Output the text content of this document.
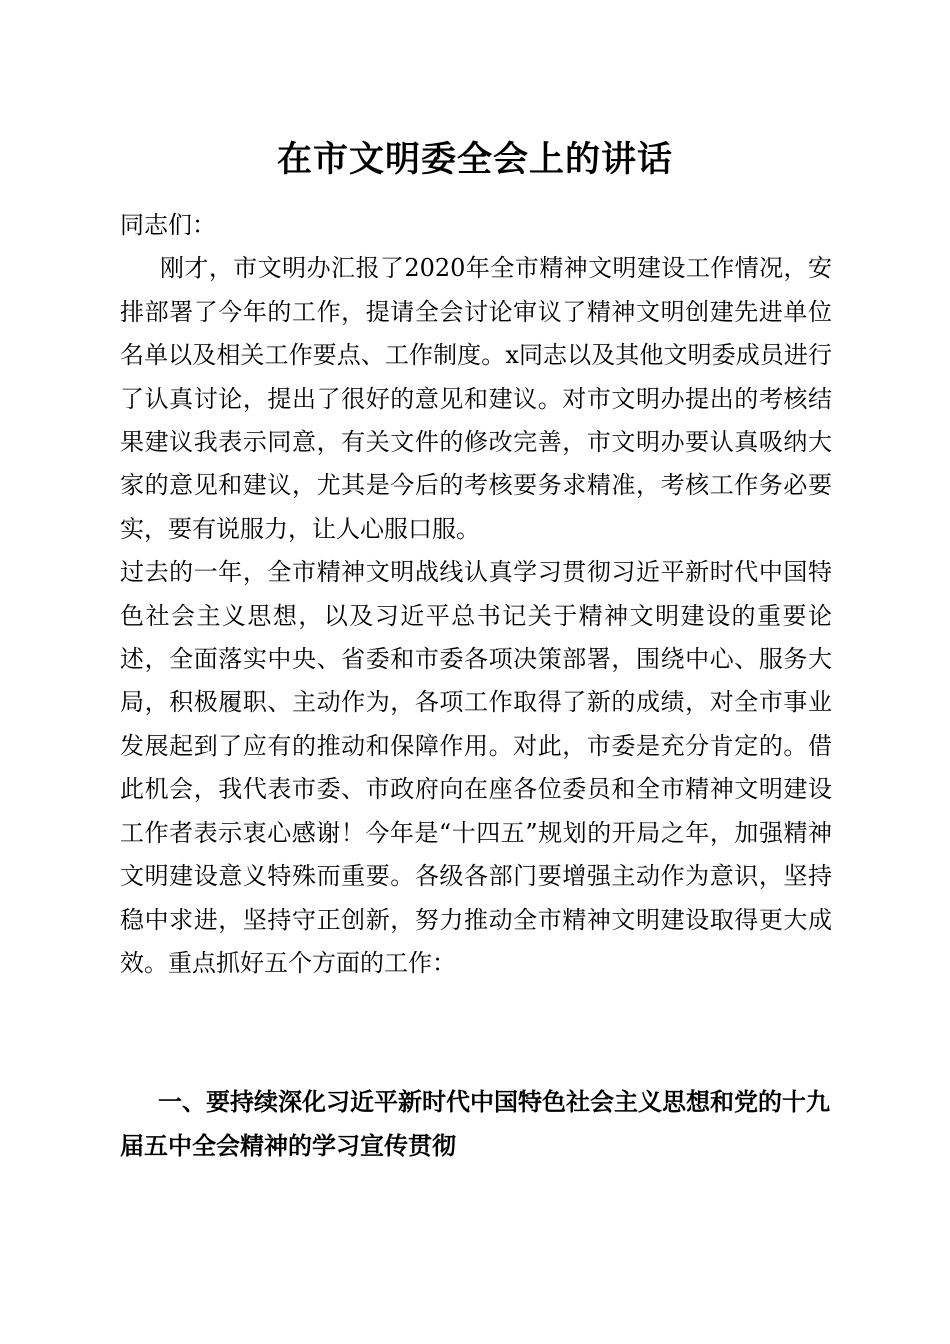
在市文明委全会上的讲话

同志们：

刚才，市文明办汇报了2020年全市精神文明建设工作情况，安排部署了今年的工作，提请全会讨论审议了精神文明创建先进单位名单以及相关工作要点、工作制度。x同志以及其他文明委成员进行了认真讨论，提出了很好的意见和建议。对市文明办提出的考核结果建议我表示同意，有关文件的修改完善，市文明办要认真吸纳大家的意见和建议，尤其是今后的考核要务求精准，考核工作务必要实，要有说服力，让人心服口服。

过去的一年，全市精神文明战线认真学习贯彻习近平新时代中国特色社会主义思想，以及习近平总书记关于精神文明建设的重要论述，全面落实中央、省委和市委各项决策部署，围绕中心、服务大局，积极履职、主动作为，各项工作取得了新的成绩，对全市事业发展起到了应有的推动和保障作用。对此，市委是充分肯定的。借此机会，我代表市委、市政府向在座各位委员和全市精神文明建设工作者表示衷心感谢！今年是“十四五”规划的开局之年，加强精神文明建设意义特殊而重要。各级各部门要增强主动作为意识，坚持稳中求进，坚持守正创新，努力推动全市精神文明建设取得更大成效。重点抓好五个方面的工作：

一、要持续深化习近平新时代中国特色社会主义思想和党的十九届五中全会精神的学习宣传贯彻
